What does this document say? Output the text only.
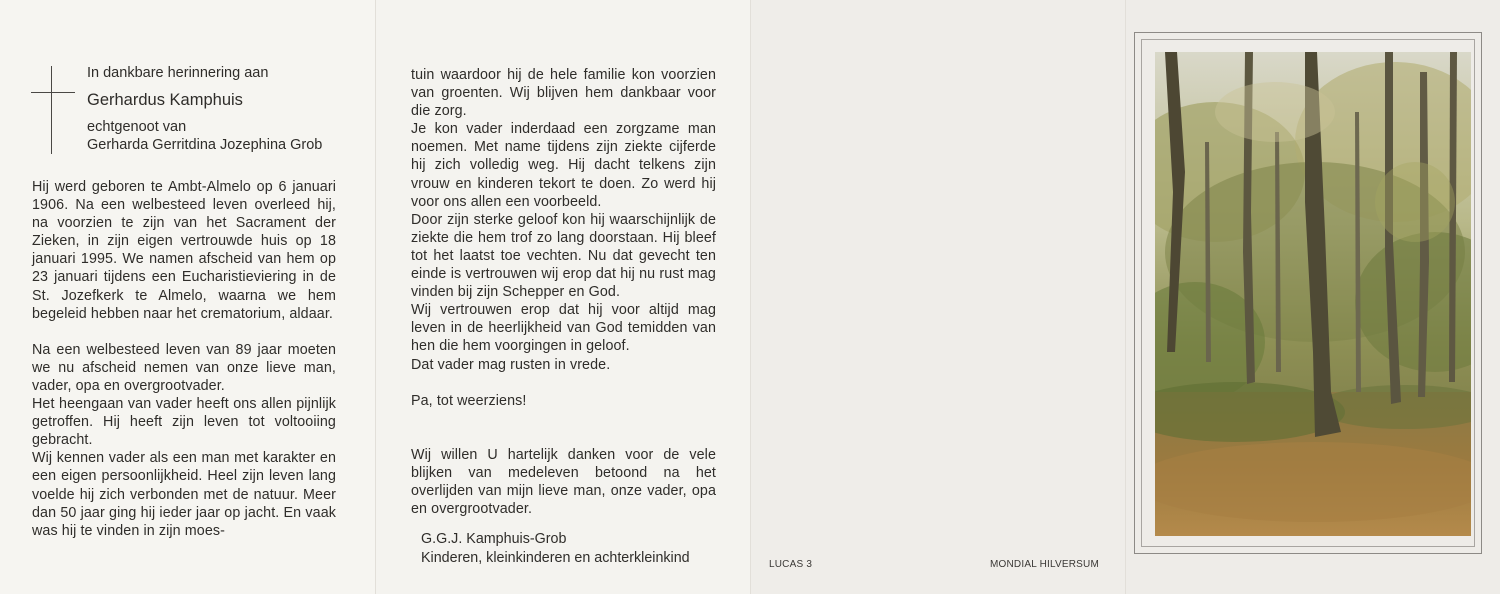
In dankbare herinnering aan
Gerhardus Kamphuis
echtgenoot van
Gerharda Gerritdina Jozephina Grob

Hij werd geboren te Ambt-Almelo op 6 januari 1906. Na een welbesteed leven overleed hij, na voorzien te zijn van het Sacrament der Zieken, in zijn eigen vertrouwde huis op 18 januari 1995. We namen afscheid van hem op 23 januari tijdens een Eucharistieviering in de St. Jozefkerk te Almelo, waarna we hem begeleid hebben naar het crematorium, aldaar.

Na een welbesteed leven van 89 jaar moeten we nu afscheid nemen van onze lieve man, vader, opa en overgrootvader.

Het heengaan van vader heeft ons allen pijnlijk getroffen. Hij heeft zijn leven tot voltooiing gebracht.

Wij kennen vader als een man met karakter en een eigen persoonlijkheid. Heel zijn leven lang voelde hij zich verbonden met de natuur. Meer dan 50 jaar ging hij ieder jaar op jacht. En vaak was hij te vinden in zijn moes-

tuin waardoor hij de hele familie kon voorzien van groenten. Wij blijven hem dankbaar voor die zorg.

Je kon vader inderdaad een zorgzame man noemen. Met name tijdens zijn ziekte cijferde hij zich volledig weg. Hij dacht telkens zijn vrouw en kinderen tekort te doen. Zo werd hij voor ons allen een voorbeeld.

Door zijn sterke geloof kon hij waarschijnlijk de ziekte die hem trof zo lang doorstaan. Hij bleef tot het laatst toe vechten. Nu dat gevecht ten einde is vertrouwen wij erop dat hij nu rust mag vinden bij zijn Schepper en God.

Wij vertrouwen erop dat hij voor altijd mag leven in de heerlijkheid van God temidden van hen die hem voorgingen in geloof.

Dat vader mag rusten in vrede.

Pa, tot weerziens!

Wij willen U hartelijk danken voor de vele blijken van medeleven betoond na het overlijden van mijn lieve man, onze vader, opa en overgrootvader.

G.G.J. Kamphuis-Grob
Kinderen, kleinkinderen en achterkleinkind	LUCAS 3	MONDIAL HILVERSUM
